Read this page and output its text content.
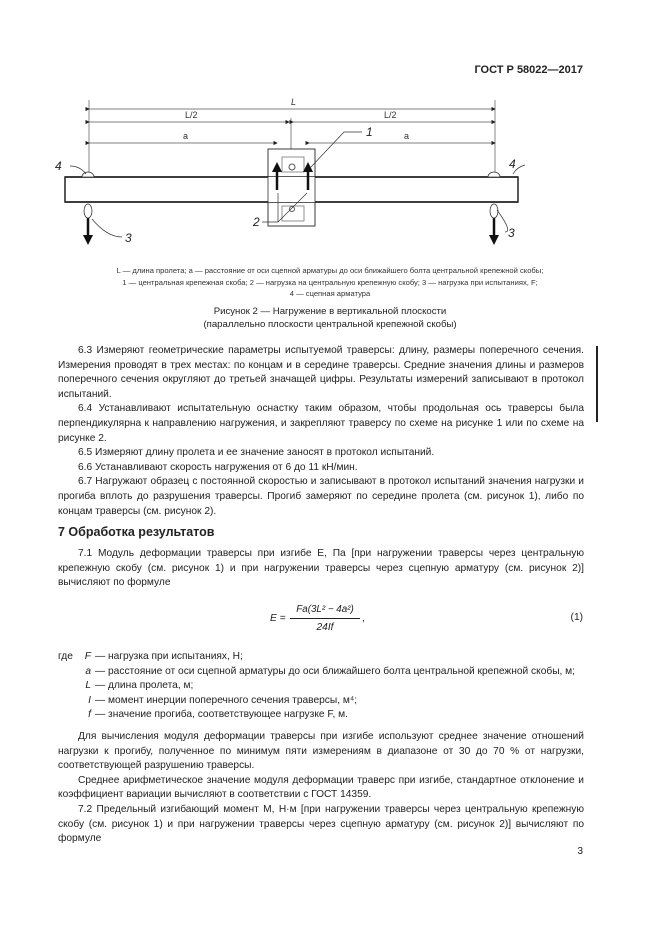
ГОСТ Р 58022—2017
L
L/2	L/2
a	a
4	4
1
2
3	3
L — длина пролета; a — расстояние от оси сцепной арматуры до оси ближайшего болта центральной крепежной скобы;
1 — центральная крепежная скоба; 2 — нагрузка на центральную крепежную скобу; 3 — нагрузка при испытаниях, F;
4 — сцепная арматура
Рисунок 2 — Нагружение в вертикальной плоскости
(параллельно плоскости центральной крепежной скобы)

6.3 Измеряют геометрические параметры испытуемой траверсы: длину, размеры поперечного сечения. Измерения проводят в трех местах: по концам и в середине траверсы. Средние значения длины и размеров поперечного сечения округляют до третьей значащей цифры. Результаты измерений записывают в протокол испытаний.

6.4 Устанавливают испытательную оснастку таким образом, чтобы продольная ось траверсы была перпендикулярна к направлению нагружения, и закрепляют траверсу по схеме на рисунке 1 или по схеме на рисунке 2.

6.5 Измеряют длину пролета и ее значение заносят в протокол испытаний.

6.6 Устанавливают скорость нагружения от 6 до 11 кН/мин.

6.7 Нагружают образец с постоянной скоростью и записывают в протокол испытаний значения нагрузки и прогиба вплоть до разрушения траверсы. Прогиб замеряют по середине пролета (см. рисунок 1), либо по концам траверсы (см. рисунок 2).

7 Обработка результатов

7.1 Модуль деформации траверсы при изгибе E, Па [при нагружении траверсы через центральную крепежную скобу (см. рисунок 1) и при нагружении траверсы через сцепную арматуру (см. рисунок 2)] вычисляют по формуле

E =
Fa(3L² − 4a²)
24If
,	(1)
где	F — нагрузка при испытаниях, Н;
a — расстояние от оси сцепной арматуры до оси ближайшего болта центральной крепежной скобы, м;
L — длина пролета, м;
I — момент инерции поперечного сечения траверсы, м⁴;
f — значение прогиба, соответствующее нагрузке F, м.

Для вычисления модуля деформации траверсы при изгибе используют среднее значение отношений нагрузки к прогибу, полученное по минимум пяти измерениям в диапазоне от 30 до 70 % от нагрузки, соответствующей разрушению траверсы.

Среднее арифметическое значение модуля деформации траверс при изгибе, стандартное отклонение и коэффициент вариации вычисляют в соответствии с ГОСТ 14359.

7.2 Предельный изгибающий момент M, Н·м [при нагружении траверсы через центральную крепежную скобу (см. рисунок 1) и при нагружении траверсы через сцепную арматуру (см. рисунок 2)] вычисляют по формуле

3
